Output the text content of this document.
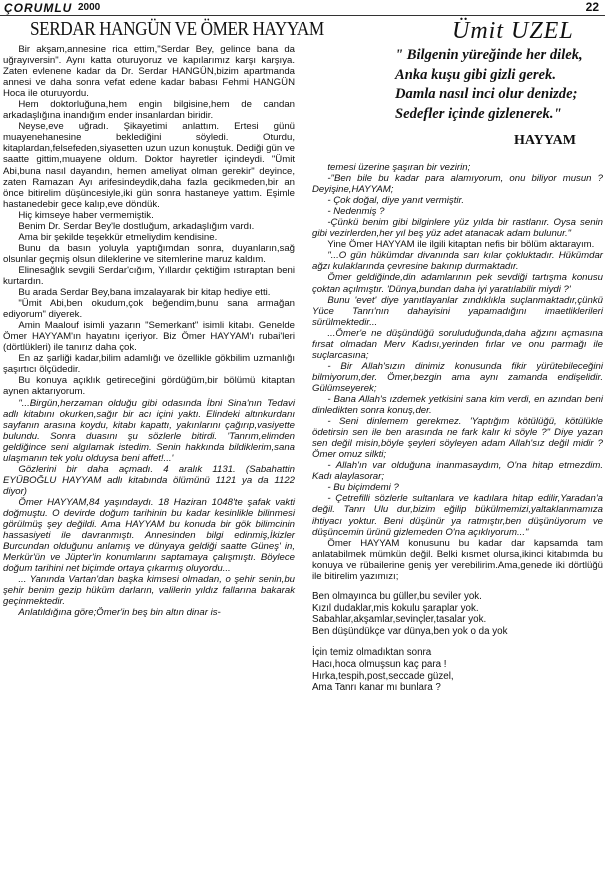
ÇORUMLU 2000	22
SERDAR HANGÜN VE ÖMER HAYYAM	Ümit UZEL
" Bilgenin yüreğinde her dilek,
Anka kuşu gibi gizli gerek.
Damla nasıl inci olur denizde;
Sedefler içinde gizlenerek."
HAYYAM

Bir akşam,annesine rica ettim,"Serdar Bey, gelince bana da uğrayıversin". Aynı katta oturuyoruz ve kapılarımız karşı karşıya. Zaten evlenene kadar da Dr. Serdar HANGÜN,bizim apartmanda annesi ve daha sonra vefat edene kadar babası Fehmi HANGÜN Hoca ile oturuyordu.

Hem doktorluğuna,hem engin bilgisine,hem de candan arkadaşlığına inandığım ender insanlardan biridir.

Neyse,eve uğradı. Şikayetimi anlattım. Ertesi günü muayenehanesine beklediğini söyledi. Oturdu, kitaplardan,felsefeden,siyasetten uzun uzun konuştuk. Dediği gün ve saatte gittim,muayene oldum. Doktor hayretler içindeydi. "Ümit Abi,buna nasıl dayandın, hemen ameliyat olman gerekir" deyince, zaten Ramazan Ayı arifesindeydik,daha fazla gecikmeden,bir an önce bitirelim düşüncesiyle,iki gün sonra hastaneye yattım. Eşimle hastanedebir gece kalıp,eve döndük.

Hiç kimseye haber vermemiştik.

Benim Dr. Serdar Bey'le dostluğum, arkadaşlığım vardı.

Ama bir şekilde teşekkür etmeliydim kendisine.

Bunu da basın yoluyla yaptığımdan sonra, duyanların,sağ olsunlar geçmiş olsun dileklerine ve sitemlerine maruz kaldım.

Elinesağlık sevgili Serdar'cığım, Yıllardır çektiğim ıstıraptan beni kurtardın.

Bu arada Serdar Bey,bana imzalayarak bir kitap hediye etti.

"Ümit Abi,ben okudum,çok beğendim,bunu sana armağan ediyorum" diyerek.

Amin Maalouf isimli yazarın "Semerkant" isimli kitabı. Genelde Ömer HAYYAM'ın hayatını içeriyor. Biz Ömer HAYYAM'ı rubai'leri (dörtlükleri) ile tanırız daha çok.

En az şarliği kadar,bilim adamlığı ve özellikle gökbilim uzmanlığı şaşırtıcı ölçüdedir.

Bu konuya açıklık getireceğini gördüğüm,bir bölümü kitaptan aynen aktarıyorum.

"...Birgün,herzaman olduğu gibi odasında İbni Sina'nın Tedavi adlı kitabını okurken,sağır bir acı içini yaktı. Elindeki altınkurdanı sayfanın arasına koydu, kitabı kapattı, yakınlarını çağırıp,vasiyette bulundu. Sonra duasını şu sözlerle bitirdi. 'Tanrım,elimden geldiğince seni algılamak istedim. Senin hakkında bildiklerim,sana ulaşmanın tek yolu olduysa beni affet!...'

Gözlerini bir daha açmadı. 4 aralık 1131. (Sabahattin EYÜBOĞLU HAYYAM adlı kitabında ölümünü 1121 ya da 1122 diyor)

Ömer HAYYAM,84 yaşındaydı. 18 Haziran 1048'te şafak vakti doğmuştu. O devirde doğum tarihinin bu kadar kesinlikle bilinmesi görülmüş şey değildi. Ama HAYYAM bu konuda bir gök bilimcinin hassasiyeti ile davranmıştı. Annesinden bilgi edinmiş,İkizler Burcundan olduğunu anlamış ve dünyaya geldiği saatte Güneş' in, Merkür'ün ve Jüpter'in konumlarını saptamaya çalışmıştı. Böylece doğum tarihini net biçimde ortaya çıkarmış oluyordu...

... Yanında Vartan'dan başka kimsesi olmadan, o şehir senin,bu şehir benim gezip hüküm darların, valilerin yıldız fallarına bakarak geçinmektedir.

Anlatıldığına göre;Ömer'in beş bin altın dinar is-

temesi üzerine şaşıran bir vezirin;

-"Ben bile bu kadar para alamıyorum, onu biliyor musun ? Deyişine,HAYYAM;

- Çok doğal, diye yanıt vermiştir.

- Nedenmiş ?

-Çünkü benim gibi bilginlere yüz yılda bir rastlanır. Oysa senin gibi vezirlerden,her yıl beş yüz adet atanacak adam bulunur."

Yine Ömer HAYYAM ile ilgili kitaptan nefis bir bölüm aktarayım.

"...O gün hükümdar divanında sarı kılar çokluktadır. Hükümdar ağzı kulaklarında çevresine bakınıp durmaktadır.

Ömer geldiğinde,din adamlarının pek sevdiği tartışma konusu çoktan açılmıştır. 'Dünya,bundan daha iyi yaratılabilir miydi ?'

Bunu 'evet' diye yanıtlayanlar zındıklıkla suçlanmaktadır,çünkü Yüce Tanrı'nın dahayisini yapamadığını imaetliklerileri sürülmektedir...

...Ömer'e ne düşündüğü soruluduğunda,daha ağzını açmasına fırsat olmadan Merv Kadısı,yerinden fırlar ve onu parmağı ile suçlarcasına;

- Bir Allah'sızın dinimiz konusunda fikir yürütebileceğini bilmiyorum,der. Ömer,bezgin ama aynı zamanda endişelidir. Gülümseyerek;

- Bana Allah's ızdemek yetkisini sana kim verdi, en azından beni dinledikten sonra konuş,der.

- Seni dinlemem gerekmez. 'Yaptığım kötülüğü, kötülükle ödetirsin sen ile ben arasında ne fark kalır ki söyle ?" Diye yazan sen değil misin,böyle şeyleri söyleyen adam Allah'sız değil midir ? Ömer omuz silkti;

- Allah'ın var olduğuna inanmasaydım, O'na hitap etmezdim. Kadı alaylasorar;

- Bu biçimdemi ?

- Çetrefilli sözlerle sultanlara ve kadılara hitap edilir,Yaradan'a değil. Tanrı Ulu dur,bizim eğilip bükülmemizi,yaltaklanmamıza ihtiyacı yoktur. Beni düşünür ya ratmıştır,ben düşünüyorum ve düşüncemin ürünü gizlemeden O'na açıklıyorum..."

Ömer HAYYAM konusunu bu kadar dar kapsamda tam anlatabilmek mümkün değil. Belki kısmet olursa,ikinci kitabımda bu konuya ve rübailerine geniş yer verebilirim.Ama,genede iki dörtlüğü ile bitirelim yazımızı;

Ben olmayınca bu güller,bu seviler yok.
Kızıl dudaklar,mis kokulu şaraplar yok.
Sabahlar,akşamlar,sevinçler,tasalar yok.
Ben düşündükçe var dünya,ben yok o da yok
İçin temiz olmadıktan sonra
Hacı,hoca olmuşsun kaç para !
Hırka,tespih,post,seccade güzel,
Ama Tanrı kanar mı bunlara ?
